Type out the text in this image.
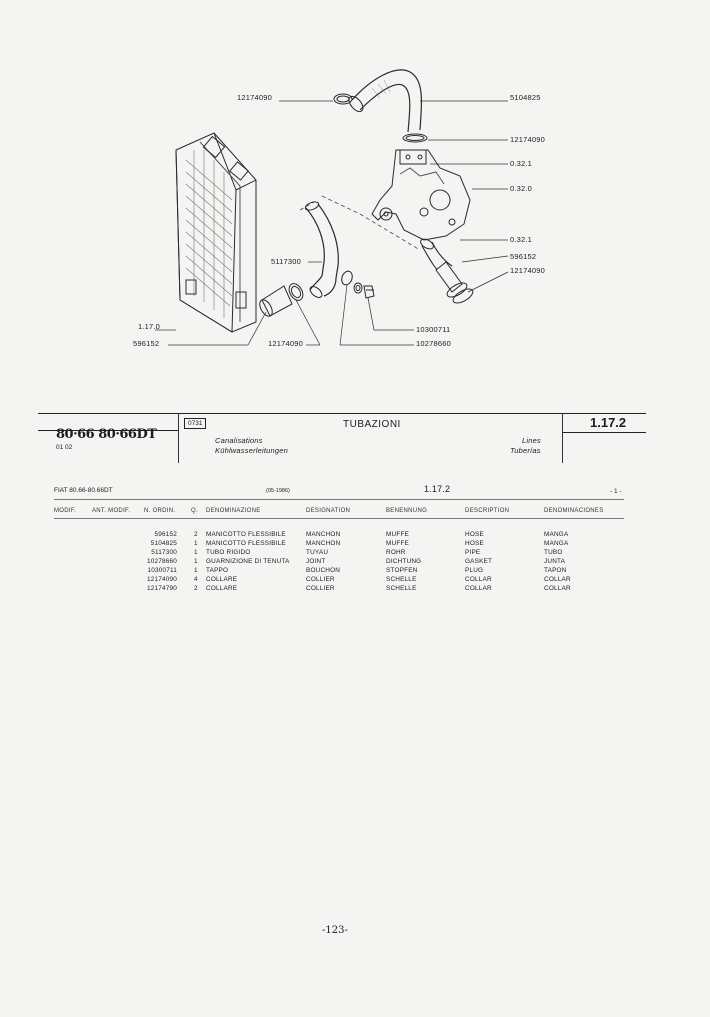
12174090	5104825
12174090
0.32.1
0.32.0
0.32.1
596152
12174090
5117300
1.17.0
596152	12174090
10300711
10278660
80·66 80·66DT
01 02
0731	TUBAZIONI	1.17.2
Canalisations
Kühlwasserleitungen
Lines
Tuberías
FIAT 80.66-80.66DT	(05-1986)	1.17.2	- 1 -
MODIF.	ANT. MODIF. N. ORDIN.	Q. DENOMINAZIONE	DESIGNATION	BENENNUNG	DESCRIPTION	DENOMINACIONES
596152	2 MANICOTTO FLESSIBILE	MANCHON	MUFFE	HOSE	MANGA
5104825	1 MANICOTTO FLESSIBILE	MANCHON	MUFFE	HOSE	MANGA
5117300	1 TUBO RIGIDO	TUYAU	ROHR	PIPE	TUBO
10278660	1 GUARNIZIONE DI TENUTA	JOINT	DICHTUNG	GASKET	JUNTA
10300711	1 TAPPO	BOUCHON	STOPFEN	PLUG	TAPON
12174090	4 COLLARE	COLLIER	SCHELLE	COLLAR	COLLAR
12174790	2 COLLARE	COLLIER	SCHELLE	COLLAR	COLLAR
-123-
